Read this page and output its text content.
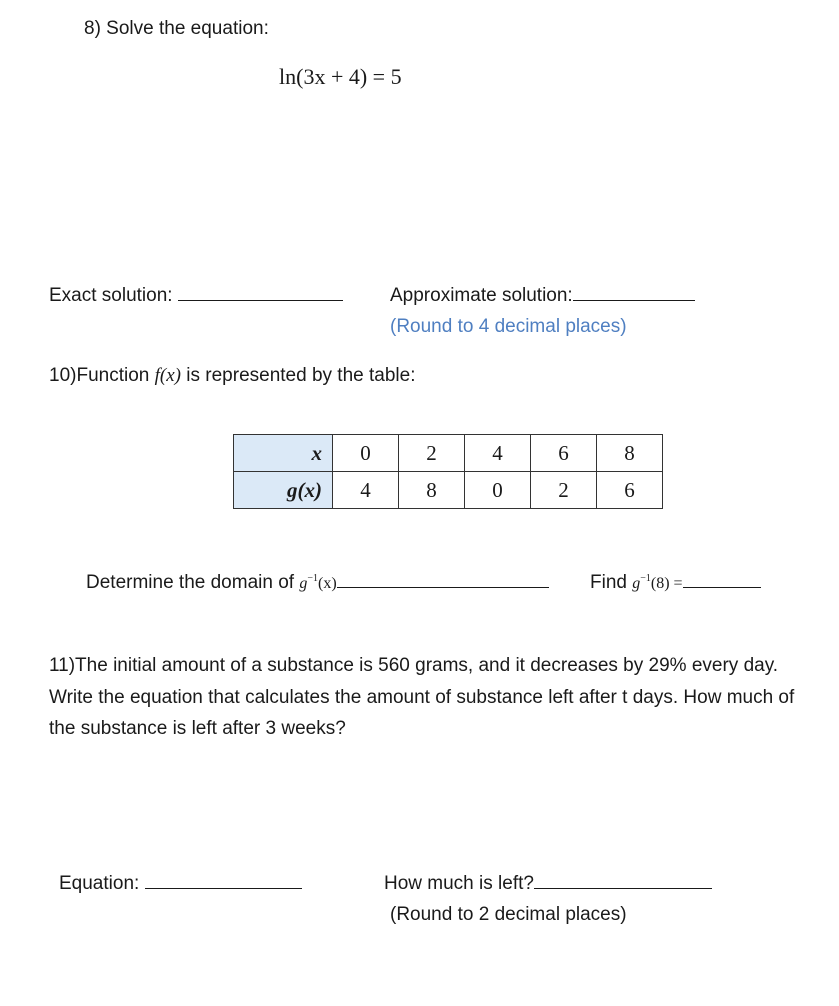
8) Solve the equation:
ln(3x + 4) = 5
Exact solution:	Approximate solution:
(Round to 4 decimal places)
10)Function f(x) is represented by the table:
x	0	2	4	6	8
g(x)	4	8	0	2	6
Determine the domain of $g^{-1}(x)$	Find $g^{-1}(8)$ =

11)The initial amount of a substance is 560 grams, and it decreases by 29% every day. Write the equation that calculates the amount of substance left after t days. How much of the substance is left after 3 weeks?

Equation:	How much is left?
(Round to 2 decimal places)
